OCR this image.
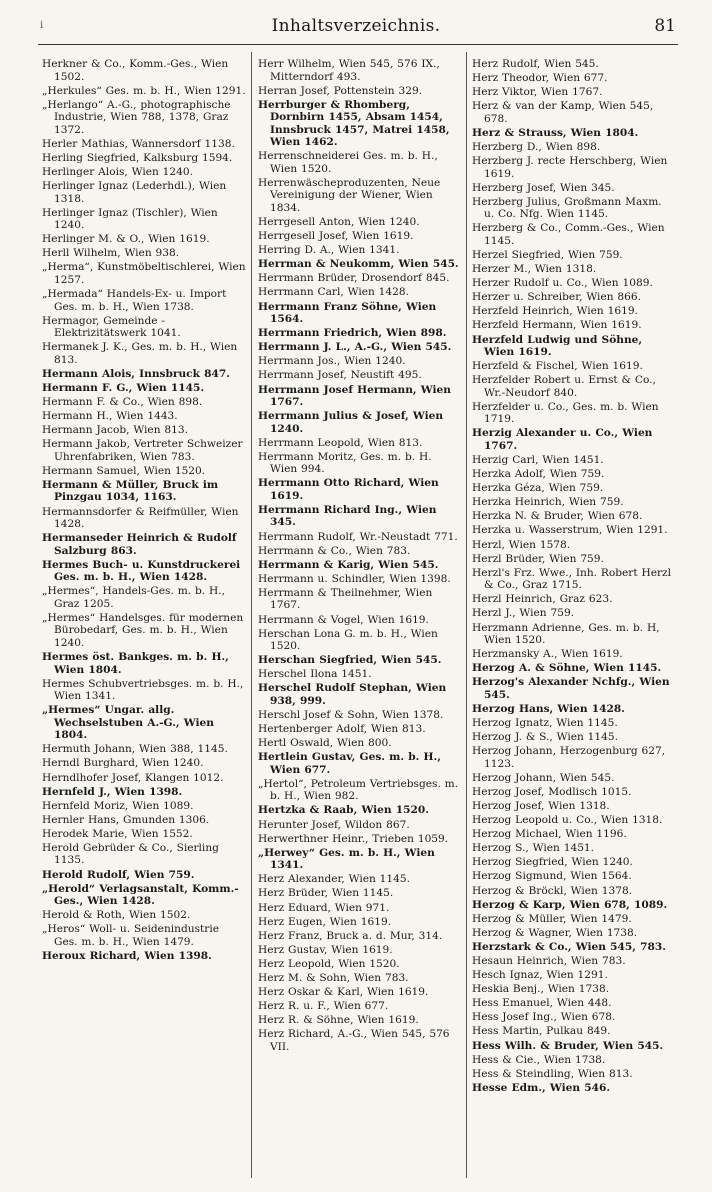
i	Inhaltsverzeichnis.	81
Herkner & Co., Komm.-Ges., Wien 1502.
„Herkules“ Ges. m. b. H., Wien 1291.
„Herlango“ A.-G., photographische Industrie, Wien 788, 1378, Graz 1372.
Herler Mathias, Wannersdorf 1138.
Herling Siegfried, Kalksburg 1594.
Herlinger Alois, Wien 1240.
Herlinger Ignaz (Lederhdl.), Wien 1318.
Herlinger Ignaz (Tischler), Wien 1240.
Herlinger M. & O., Wien 1619.
Herll Wilhelm, Wien 938.
„Herma“, Kunstmöbeltischlerei, Wien 1257.
„Hermada“ Handels-Ex- u. Import Ges. m. b. H., Wien 1738.
Hermagor, Gemeinde - Elektrizitätswerk 1041.
Hermanek J. K., Ges. m. b. H., Wien 813.
Hermann Alois, Innsbruck 847.
Hermann F. G., Wien 1145.
Hermann F. & Co., Wien 898.
Hermann H., Wien 1443.
Hermann Jacob, Wien 813.
Hermann Jakob, Vertreter Schweizer Uhrenfabriken, Wien 783.
Hermann Samuel, Wien 1520.
Hermann & Müller, Bruck im Pinzgau 1034, 1163.
Hermannsdorfer & Reifmüller, Wien 1428.
Hermanseder Heinrich & Rudolf Salzburg 863.
Hermes Buch- u. Kunstdruckerei Ges. m. b. H., Wien 1428.
„Hermes“, Handels-Ges. m. b. H., Graz 1205.
„Hermes“ Handelsges. für modernen Bürobedarf, Ges. m. b. H., Wien 1240.
Hermes öst. Bankges. m. b. H., Wien 1804.
Hermes Schubvertriebsges. m. b. H., Wien 1341.
„Hermes“ Ungar. allg. Wechselstuben A.-G., Wien 1804.
Hermuth Johann, Wien 388, 1145.
Herndl Burghard, Wien 1240.
Herndlhofer Josef, Klangen 1012.
Hernfeld J., Wien 1398.
Hernfeld Moriz, Wien 1089.
Hernler Hans, Gmunden 1306.
Herodek Marie, Wien 1552.
Herold Gebrüder & Co., Sierling 1135.
Herold Rudolf, Wien 759.
„Herold“ Verlagsanstalt, Komm.-Ges., Wien 1428.
Herold & Roth, Wien 1502.
„Heros“ Woll- u. Seidenindustrie Ges. m. b. H., Wien 1479.
Heroux Richard, Wien 1398.
Herr Wilhelm, Wien 545, 576 IX., Mitterndorf 493.
Herran Josef, Pottenstein 329.
Herrburger & Rhomberg, Dornbirn 1455, Absam 1454, Innsbruck 1457, Matrei 1458, Wien 1462.
Herrenschneiderei Ges. m. b. H., Wien 1520.
Herrenwäscheproduzenten, Neue Vereinigung der Wiener, Wien 1834.
Herrgesell Anton, Wien 1240.
Herrgesell Josef, Wien 1619.
Herring D. A., Wien 1341.
Herrman & Neukomm, Wien 545.
Herrmann Brüder, Drosendorf 845.
Herrmann Carl, Wien 1428.
Herrmann Franz Söhne, Wien 1564.
Herrmann Friedrich, Wien 898.
Herrmann J. L., A.-G., Wien 545.
Herrmann Jos., Wien 1240.
Herrmann Josef, Neustift 495.
Herrmann Josef Hermann, Wien 1767.
Herrmann Julius & Josef, Wien 1240.
Herrmann Leopold, Wien 813.
Herrmann Moritz, Ges. m. b. H. Wien 994.
Herrmann Otto Richard, Wien 1619.
Herrmann Richard Ing., Wien 345.
Herrmann Rudolf, Wr.-Neustadt 771.
Herrmann & Co., Wien 783.
Herrmann & Karig, Wien 545.
Herrmann u. Schindler, Wien 1398.
Herrmann & Theilnehmer, Wien 1767.
Herrmann & Vogel, Wien 1619.
Herschan Lona G. m. b. H., Wien 1520.
Herschan Siegfried, Wien 545.
Herschel Ilona 1451.
Herschel Rudolf Stephan, Wien 938, 999.
Herschl Josef & Sohn, Wien 1378.
Hertenberger Adolf, Wien 813.
Hertl Oswald, Wien 800.
Hertlein Gustav, Ges. m. b. H., Wien 677.
„Hertol“, Petroleum Vertriebsges. m. b. H., Wien 982.
Hertzka & Raab, Wien 1520.
Herunter Josef, Wildon 867.
Herwerthner Heinr., Trieben 1059.
„Herwey“ Ges. m. b. H., Wien 1341.
Herz Alexander, Wien 1145.
Herz Brüder, Wien 1145.
Herz Eduard, Wien 971.
Herz Eugen, Wien 1619.
Herz Franz, Bruck a. d. Mur, 314.
Herz Gustav, Wien 1619.
Herz Leopold, Wien 1520.
Herz M. & Sohn, Wien 783.
Herz Oskar & Karl, Wien 1619.
Herz R. u. F., Wien 677.
Herz R. & Söhne, Wien 1619.
Herz Richard, A.-G., Wien 545, 576 VII.
Herz Rudolf, Wien 545.
Herz Theodor, Wien 677.
Herz Viktor, Wien 1767.
Herz & van der Kamp, Wien 545, 678.
Herz & Strauss, Wien 1804.
Herzberg D., Wien 898.
Herzberg J. recte Herschberg, Wien 1619.
Herzberg Josef, Wien 345.
Herzberg Julius, Großmann Maxm. u. Co. Nfg. Wien 1145.
Herzberg & Co., Comm.-Ges., Wien 1145.
Herzel Siegfried, Wien 759.
Herzer M., Wien 1318.
Herzer Rudolf u. Co., Wien 1089.
Herzer u. Schreiber, Wien 866.
Herzfeld Heinrich, Wien 1619.
Herzfeld Hermann, Wien 1619.
Herzfeld Ludwig und Söhne, Wien 1619.
Herzfeld & Fischel, Wien 1619.
Herzfelder Robert u. Ernst & Co., Wr.-Neudorf 840.
Herzfelder u. Co., Ges. m. b. Wien 1719.
Herzig Alexander u. Co., Wien 1767.
Herzig Carl, Wien 1451.
Herzka Adolf, Wien 759.
Herzka Géza, Wien 759.
Herzka Heinrich, Wien 759.
Herzka N. & Bruder, Wien 678.
Herzka u. Wasserstrum, Wien 1291.
Herzl, Wien 1578.
Herzl Brüder, Wien 759.
Herzl's Frz. Wwe., Inh. Robert Herzl & Co., Graz 1715.
Herzl Heinrich, Graz 623.
Herzl J., Wien 759.
Herzmann Adrienne, Ges. m. b. H, Wien 1520.
Herzmansky A., Wien 1619.
Herzog A. & Söhne, Wien 1145.
Herzog's Alexander Nchfg., Wien 545.
Herzog Hans, Wien 1428.
Herzog Ignatz, Wien 1145.
Herzog J. & S., Wien 1145.
Herzog Johann, Herzogenburg 627, 1123.
Herzog Johann, Wien 545.
Herzog Josef, Modlisch 1015.
Herzog Josef, Wien 1318.
Herzog Leopold u. Co., Wien 1318.
Herzog Michael, Wien 1196.
Herzog S., Wien 1451.
Herzog Siegfried, Wien 1240.
Herzog Sigmund, Wien 1564.
Herzog & Bröckl, Wien 1378.
Herzog & Karp, Wien 678, 1089.
Herzog & Müller, Wien 1479.
Herzog & Wagner, Wien 1738.
Herzstark & Co., Wien 545, 783.
Hesaun Heinrich, Wien 783.
Hesch Ignaz, Wien 1291.
Heskia Benj., Wien 1738.
Hess Emanuel, Wien 448.
Hess Josef Ing., Wien 678.
Hess Martin, Pulkau 849.
Hess Wilh. & Bruder, Wien 545.
Hess & Cie., Wien 1738.
Hess & Steindling, Wien 813.
Hesse Edm., Wien 546.
